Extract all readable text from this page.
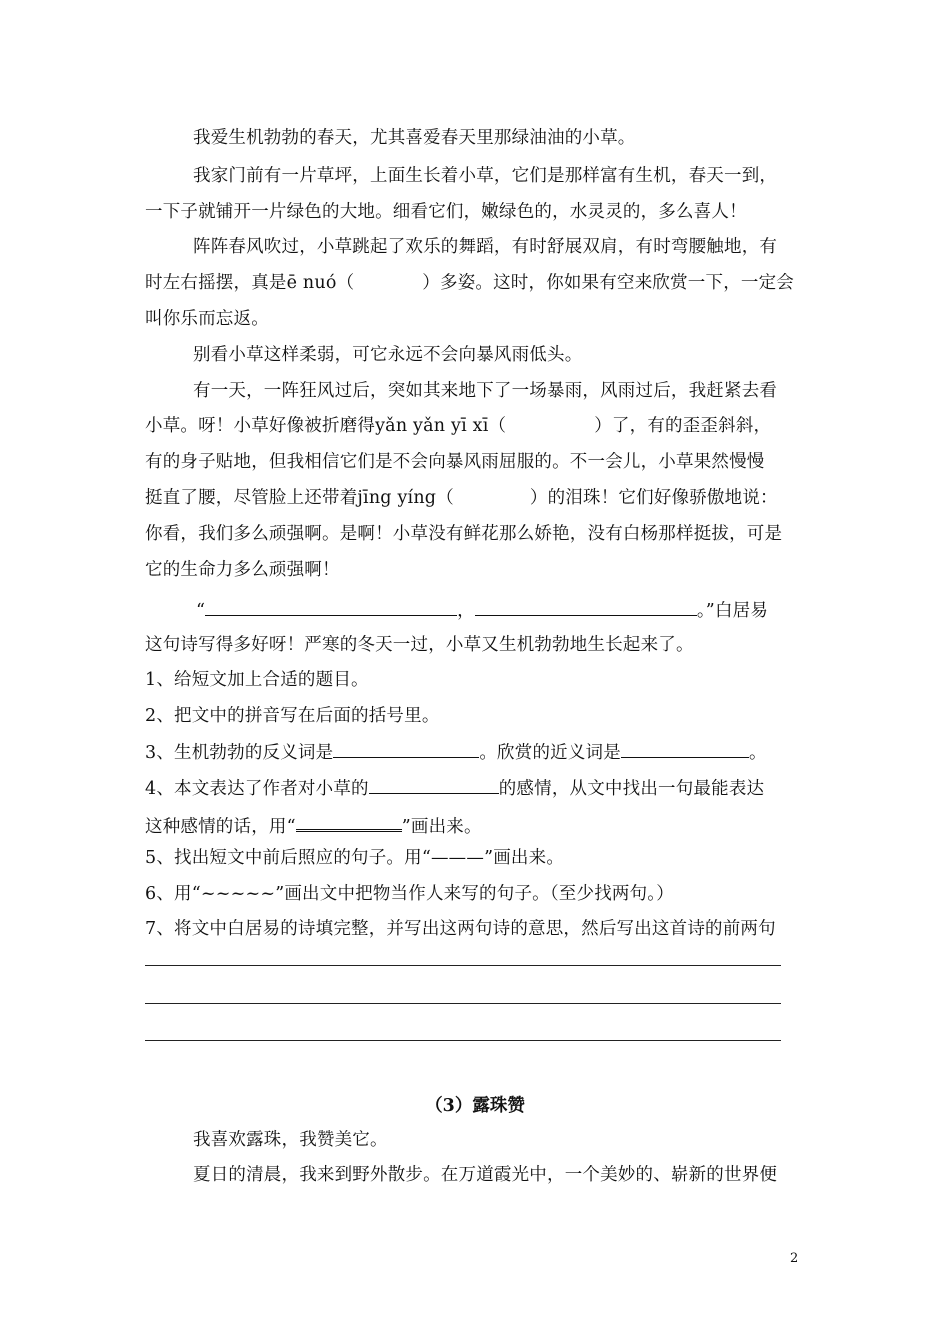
我爱生机勃勃的春天，尤其喜爱春天里那绿油油的小草。
我家门前有一片草坪，上面生长着小草，它们是那样富有生机，春天一到，
一下子就铺开一片绿色的大地。细看它们，嫩绿色的，水灵灵的，多么喜人！
阵阵春风吹过，小草跳起了欢乐的舞蹈，有时舒展双肩，有时弯腰触地，有
时左右摇摆，真是ē nuó（	）多姿。这时，你如果有空来欣赏一下，一定会
叫你乐而忘返。
别看小草这样柔弱，可它永远不会向暴风雨低头。
有一天，一阵狂风过后，突如其来地下了一场暴雨，风雨过后，我赶紧去看
小草。呀！小草好像被折磨得yǎn yǎn yī xī（	）了，有的歪歪斜斜，
有的身子贴地，但我相信它们是不会向暴风雨屈服的。不一会儿，小草果然慢慢
挺直了腰，尽管脸上还带着jīng yíng（	）的泪珠！它们好像骄傲地说：
你看，我们多么顽强啊。是啊！小草没有鲜花那么娇艳，没有白杨那样挺拔，可是
它的生命力多么顽强啊！
“	，	。”白居易
这句诗写得多好呀！严寒的冬天一过，小草又生机勃勃地生长起来了。
1、给短文加上合适的题目。
2、把文中的拼音写在后面的括号里。
3、生机勃勃的反义词是	。欣赏的近义词是	。
4、本文表达了作者对小草的	的感情，从文中找出一句最能表达
这种感情的话，用“	”画出来。
5、找出短文中前后照应的句子。用“———”画出来。
6、用“~~~~~”画出文中把物当作人来写的句子。（至少找两句。）
7、将文中白居易的诗填完整，并写出这两句诗的意思，然后写出这首诗的前两句
（3）露珠赞
我喜欢露珠，我赞美它。
夏日的清晨，我来到野外散步。在万道霞光中，一个美妙的、崭新的世界便
2
